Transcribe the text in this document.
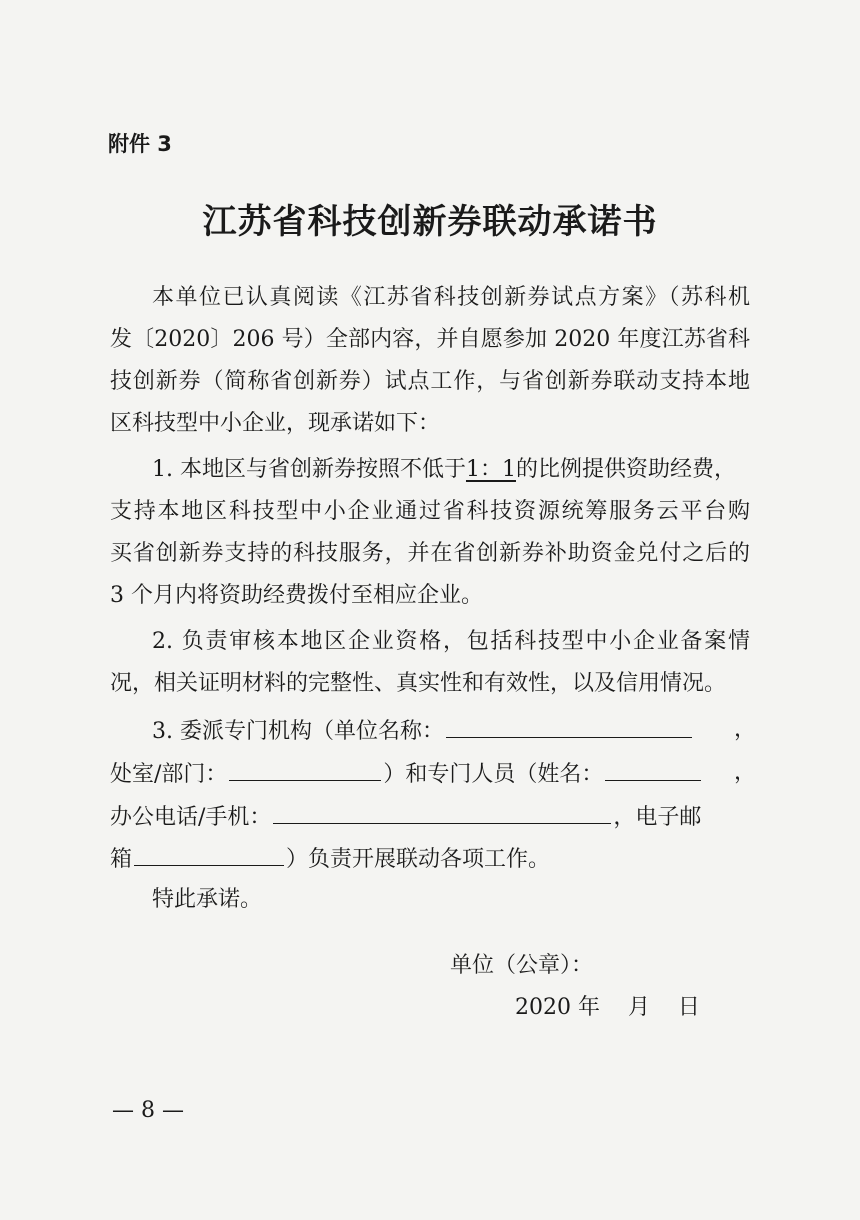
附件 3
江苏省科技创新券联动承诺书
本单位已认真阅读《江苏省科技创新券试点方案》（苏科机
发〔2020〕206 号）全部内容，并自愿参加 2020 年度江苏省科
技创新券（简称省创新券）试点工作，与省创新券联动支持本地
区科技型中小企业，现承诺如下：
1. 本地区与省创新券按照不低于1：1的比例提供资助经费，
支持本地区科技型中小企业通过省科技资源统筹服务云平台购
买省创新券支持的科技服务，并在省创新券补助资金兑付之后的
3 个月内将资助经费拨付至相应企业。
2. 负责审核本地区企业资格，包括科技型中小企业备案情
况，相关证明材料的完整性、真实性和有效性，以及信用情况。
3. 委派专门机构（单位名称：	，
处室/部门：	）和专门人员（姓名：	，
办公电话/手机：	，电子邮
箱	）负责开展联动各项工作。
特此承诺。
单位（公章）：
2020 年    月    日
— 8 —
